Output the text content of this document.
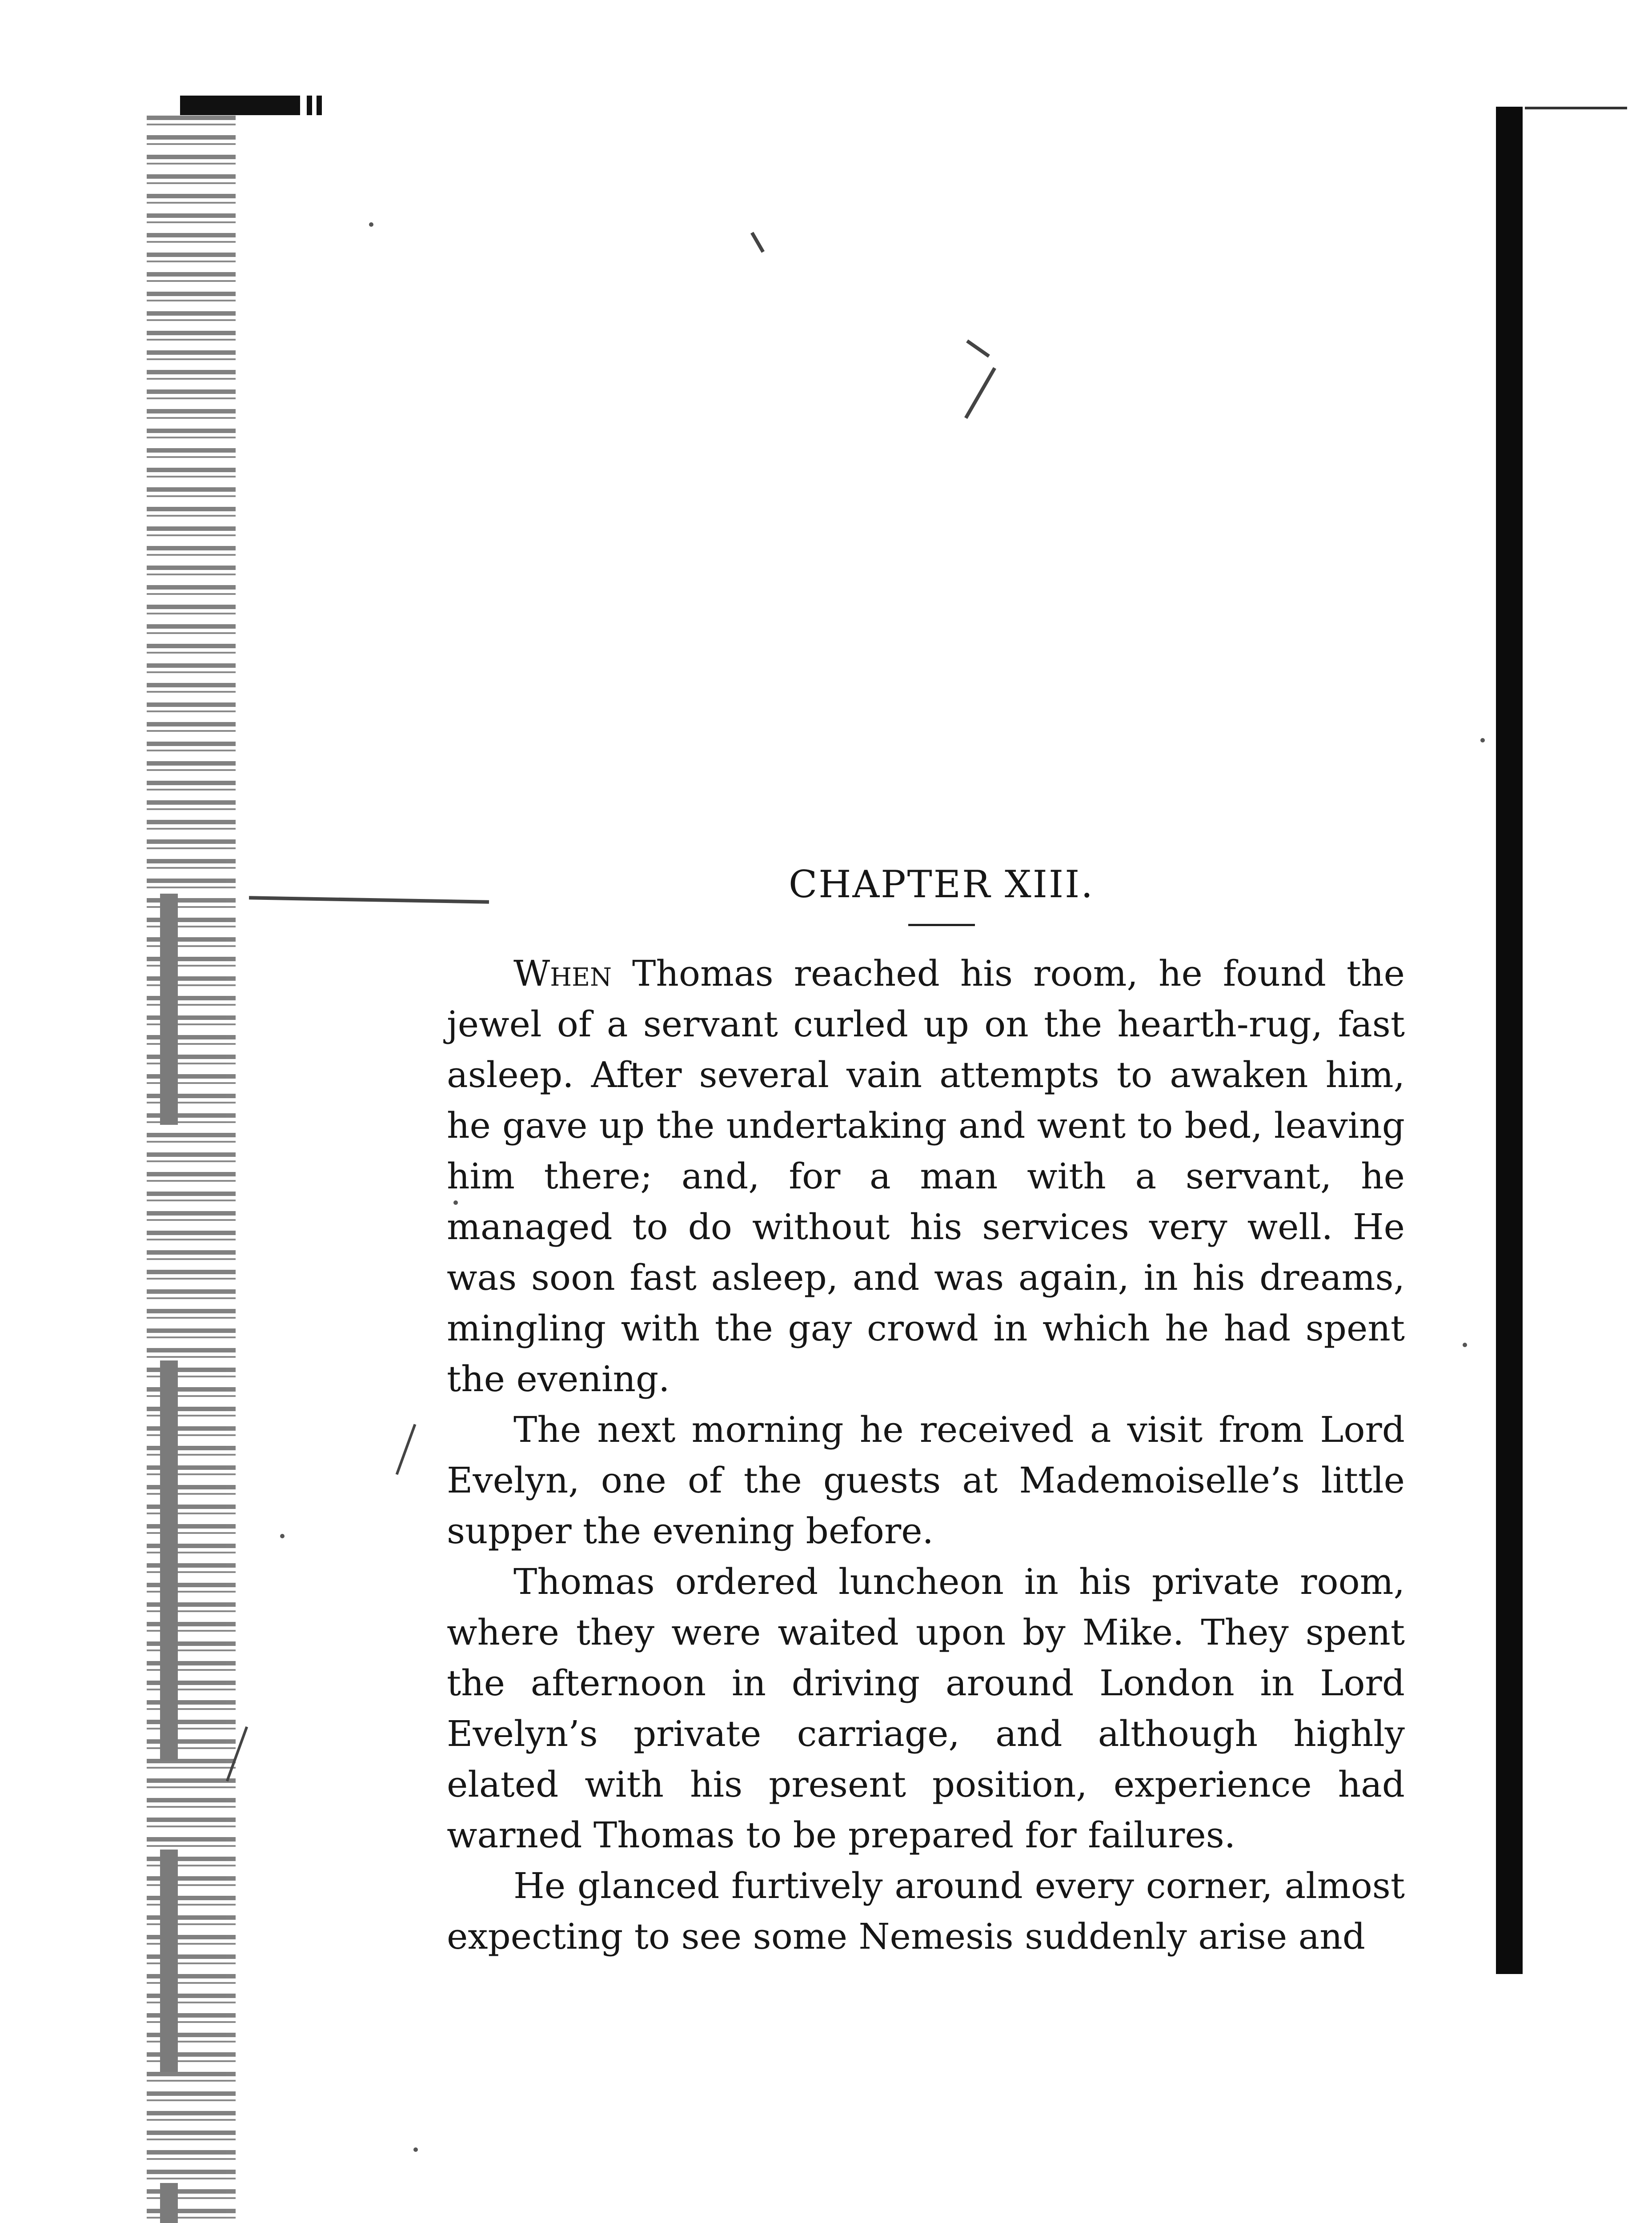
CHAPTER XIII.

When Thomas reached his room, he found the jewel of a servant curled up on the hearth-rug, fast asleep. After several vain attempts to awaken him, he gave up the undertaking and went to bed, leaving him there; and, for a man with a servant, he managed to do without his services very well. He was soon fast asleep, and was again, in his dreams, mingling with the gay crowd in which he had spent the evening.

The next morning he received a visit from Lord Evelyn, one of the guests at Mademoiselle’s little supper the evening before.

Thomas ordered luncheon in his private room, where they were waited upon by Mike. They spent the afternoon in driving around London in Lord Evelyn’s private carriage, and although highly elated with his present position, experience had warned Thomas to be prepared for failures.

He glanced furtively around every corner, almost expecting to see some Nemesis suddenly arise and
